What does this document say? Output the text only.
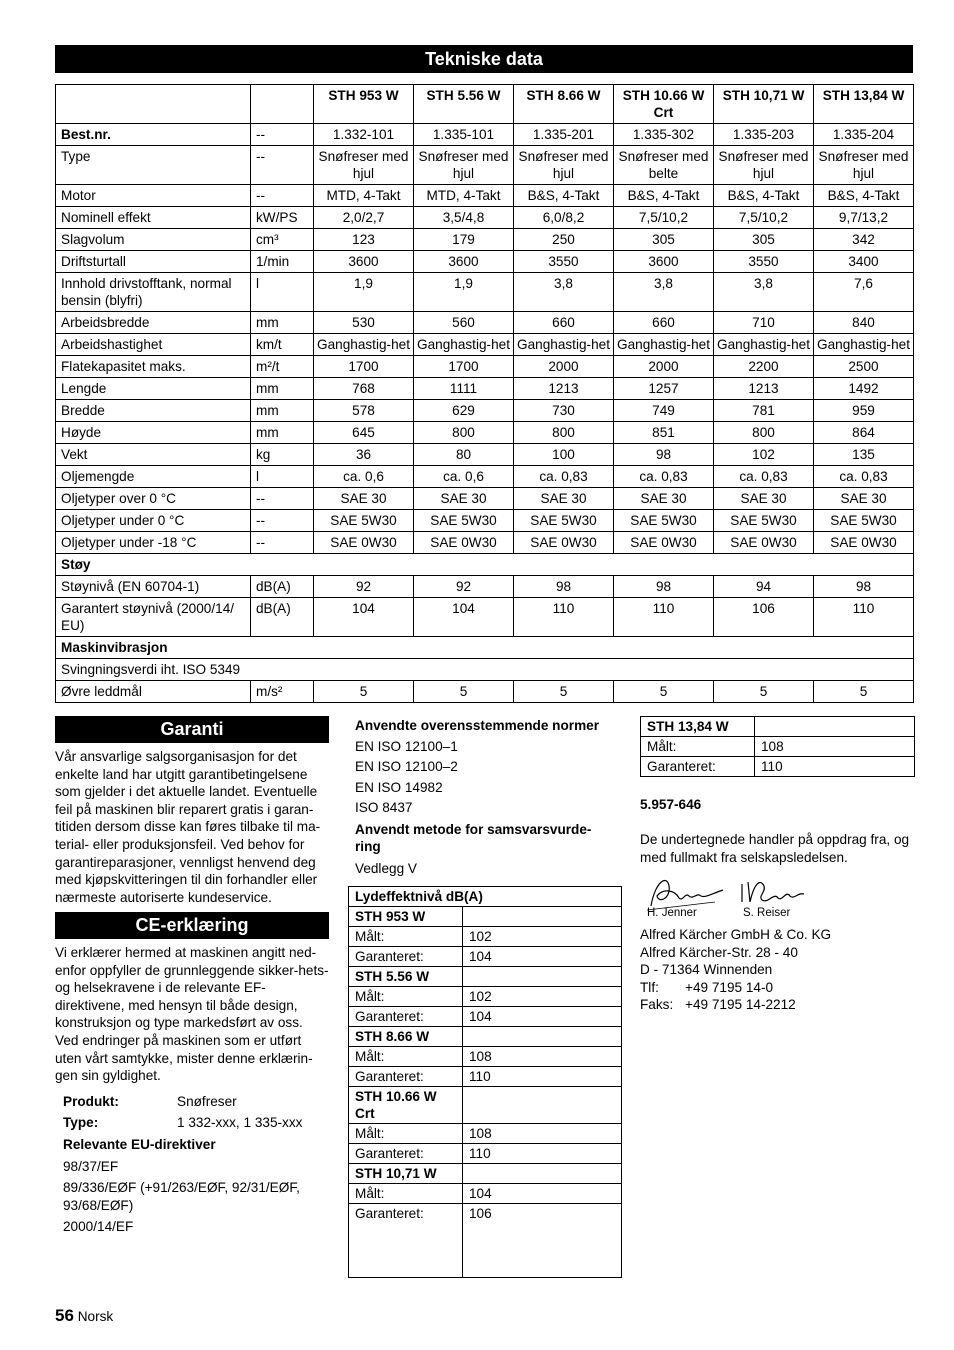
Tekniske data
		STH 953 W	STH 5.56 W	STH 8.66 W	STH 10.66 W Crt	STH 10,71 W	STH 13,84 W
Best.nr.	--	1.332-101	1.335-101	1.335-201	1.335-302	1.335-203	1.335-204
Type	--	Snøfreser med hjul	Snøfreser med hjul	Snøfreser med hjul	Snøfreser med belte	Snøfreser med hjul	Snøfreser med hjul
Motor	--	MTD, 4-Takt	MTD, 4-Takt	B&S, 4-Takt	B&S, 4-Takt	B&S, 4-Takt	B&S, 4-Takt
Nominell effekt	kW/PS	2,0/2,7	3,5/4,8	6,0/8,2	7,5/10,2	7,5/10,2	9,7/13,2
Slagvolum	cm³	123	179	250	305	305	342
Driftsturtall	1/min	3600	3600	3550	3600	3550	3400
Innhold drivstofftank, normal bensin (blyfri)	l	1,9	1,9	3,8	3,8	3,8	7,6
Arbeidsbredde	mm	530	560	660	660	710	840
Arbeidshastighet	km/t	Ganghastig-het	Ganghastig-het	Ganghastig-het	Ganghastig-het	Ganghastig-het	Ganghastig-het
Flatekapasitet maks.	m²/t	1700	1700	2000	2000	2200	2500
Lengde	mm	768	1111	1213	1257	1213	1492
Bredde	mm	578	629	730	749	781	959
Høyde	mm	645	800	800	851	800	864
Vekt	kg	36	80	100	98	102	135
Oljemengde	l	ca. 0,6	ca. 0,6	ca. 0,83	ca. 0,83	ca. 0,83	ca. 0,83
Oljetyper over 0 °C	--	SAE 30	SAE 30	SAE 30	SAE 30	SAE 30	SAE 30
Oljetyper under 0 °C	--	SAE 5W30	SAE 5W30	SAE 5W30	SAE 5W30	SAE 5W30	SAE 5W30
Oljetyper under -18 °C	--	SAE 0W30	SAE 0W30	SAE 0W30	SAE 0W30	SAE 0W30	SAE 0W30
Støy							
Støynivå (EN 60704-1)	dB(A)	92	92	98	98	94	98
Garantert støynivå (2000/14/ EU)	dB(A)	104	104	110	110	106	110
Maskinvibrasjon							
Svingningsverdi iht. ISO 5349							
Øvre leddmål	m/s²	5	5	5	5	5	5
Garanti
Vår ansvarlige salgsorganisasjon for det enkelte land har utgitt garantibetingelsene som gjelder i det aktuelle landet. Eventuelle feil på maskinen blir reparert gratis i garan-titiden dersom disse kan føres tilbake til ma-terial- eller produksjonsfeil. Ved behov for garantireparasjoner, vennligst henvend deg med kjøpskvitteringen til din forhandler eller nærmeste autoriserte kundeservice.
CE-erklæring

Vi erklærer hermed at maskinen angitt ned-enfor oppfyller de grunnleggende sikker-hets- og helsekravene i de relevante EF-direktivene, med hensyn til både design, konstruksjon og type markedsført av oss. Ved endringer på maskinen som er utført uten vårt samtykke, mister denne erklærin-gen sin gyldighet.

Produkt:	Snøfreser
Type:	1 332-xxx, 1 335-xxx
Relevante EU-direktiver
98/37/EF
89/336/EØF (+91/263/EØF, 92/31/EØF, 93/68/EØF)
2000/14/EF

Anvendte overensstemmende normer

EN ISO 12100–1

EN ISO 12100–2

EN ISO 14982

ISO 8437

Anvendt metode for samsvarsvurde-ring

Vedlegg V

Lydeffektnivå dB(A)	
STH 953 W	
Målt:	102
Garanteret:	104
STH 5.56 W	
Målt:	102
Garanteret:	104
STH 8.66 W	
Målt:	108
Garanteret:	110
STH 10.66 W Crt	
Målt:	108
Garanteret:	110
STH 10,71 W	
Målt:	104
Garanteret:	106
STH 13,84 W	
Målt:	108
Garanteret:	110
5.957-646
De undertegnede handler på oppdrag fra, og med fullmakt fra selskapsledelsen.
H. Jenner	S. Reiser

Alfred Kärcher GmbH & Co. KG

Alfred Kärcher-Str. 28 - 40

D - 71364 Winnenden

Tlf: +49 7195 14-0

Faks: +49 7195 14-2212

56 Norsk
